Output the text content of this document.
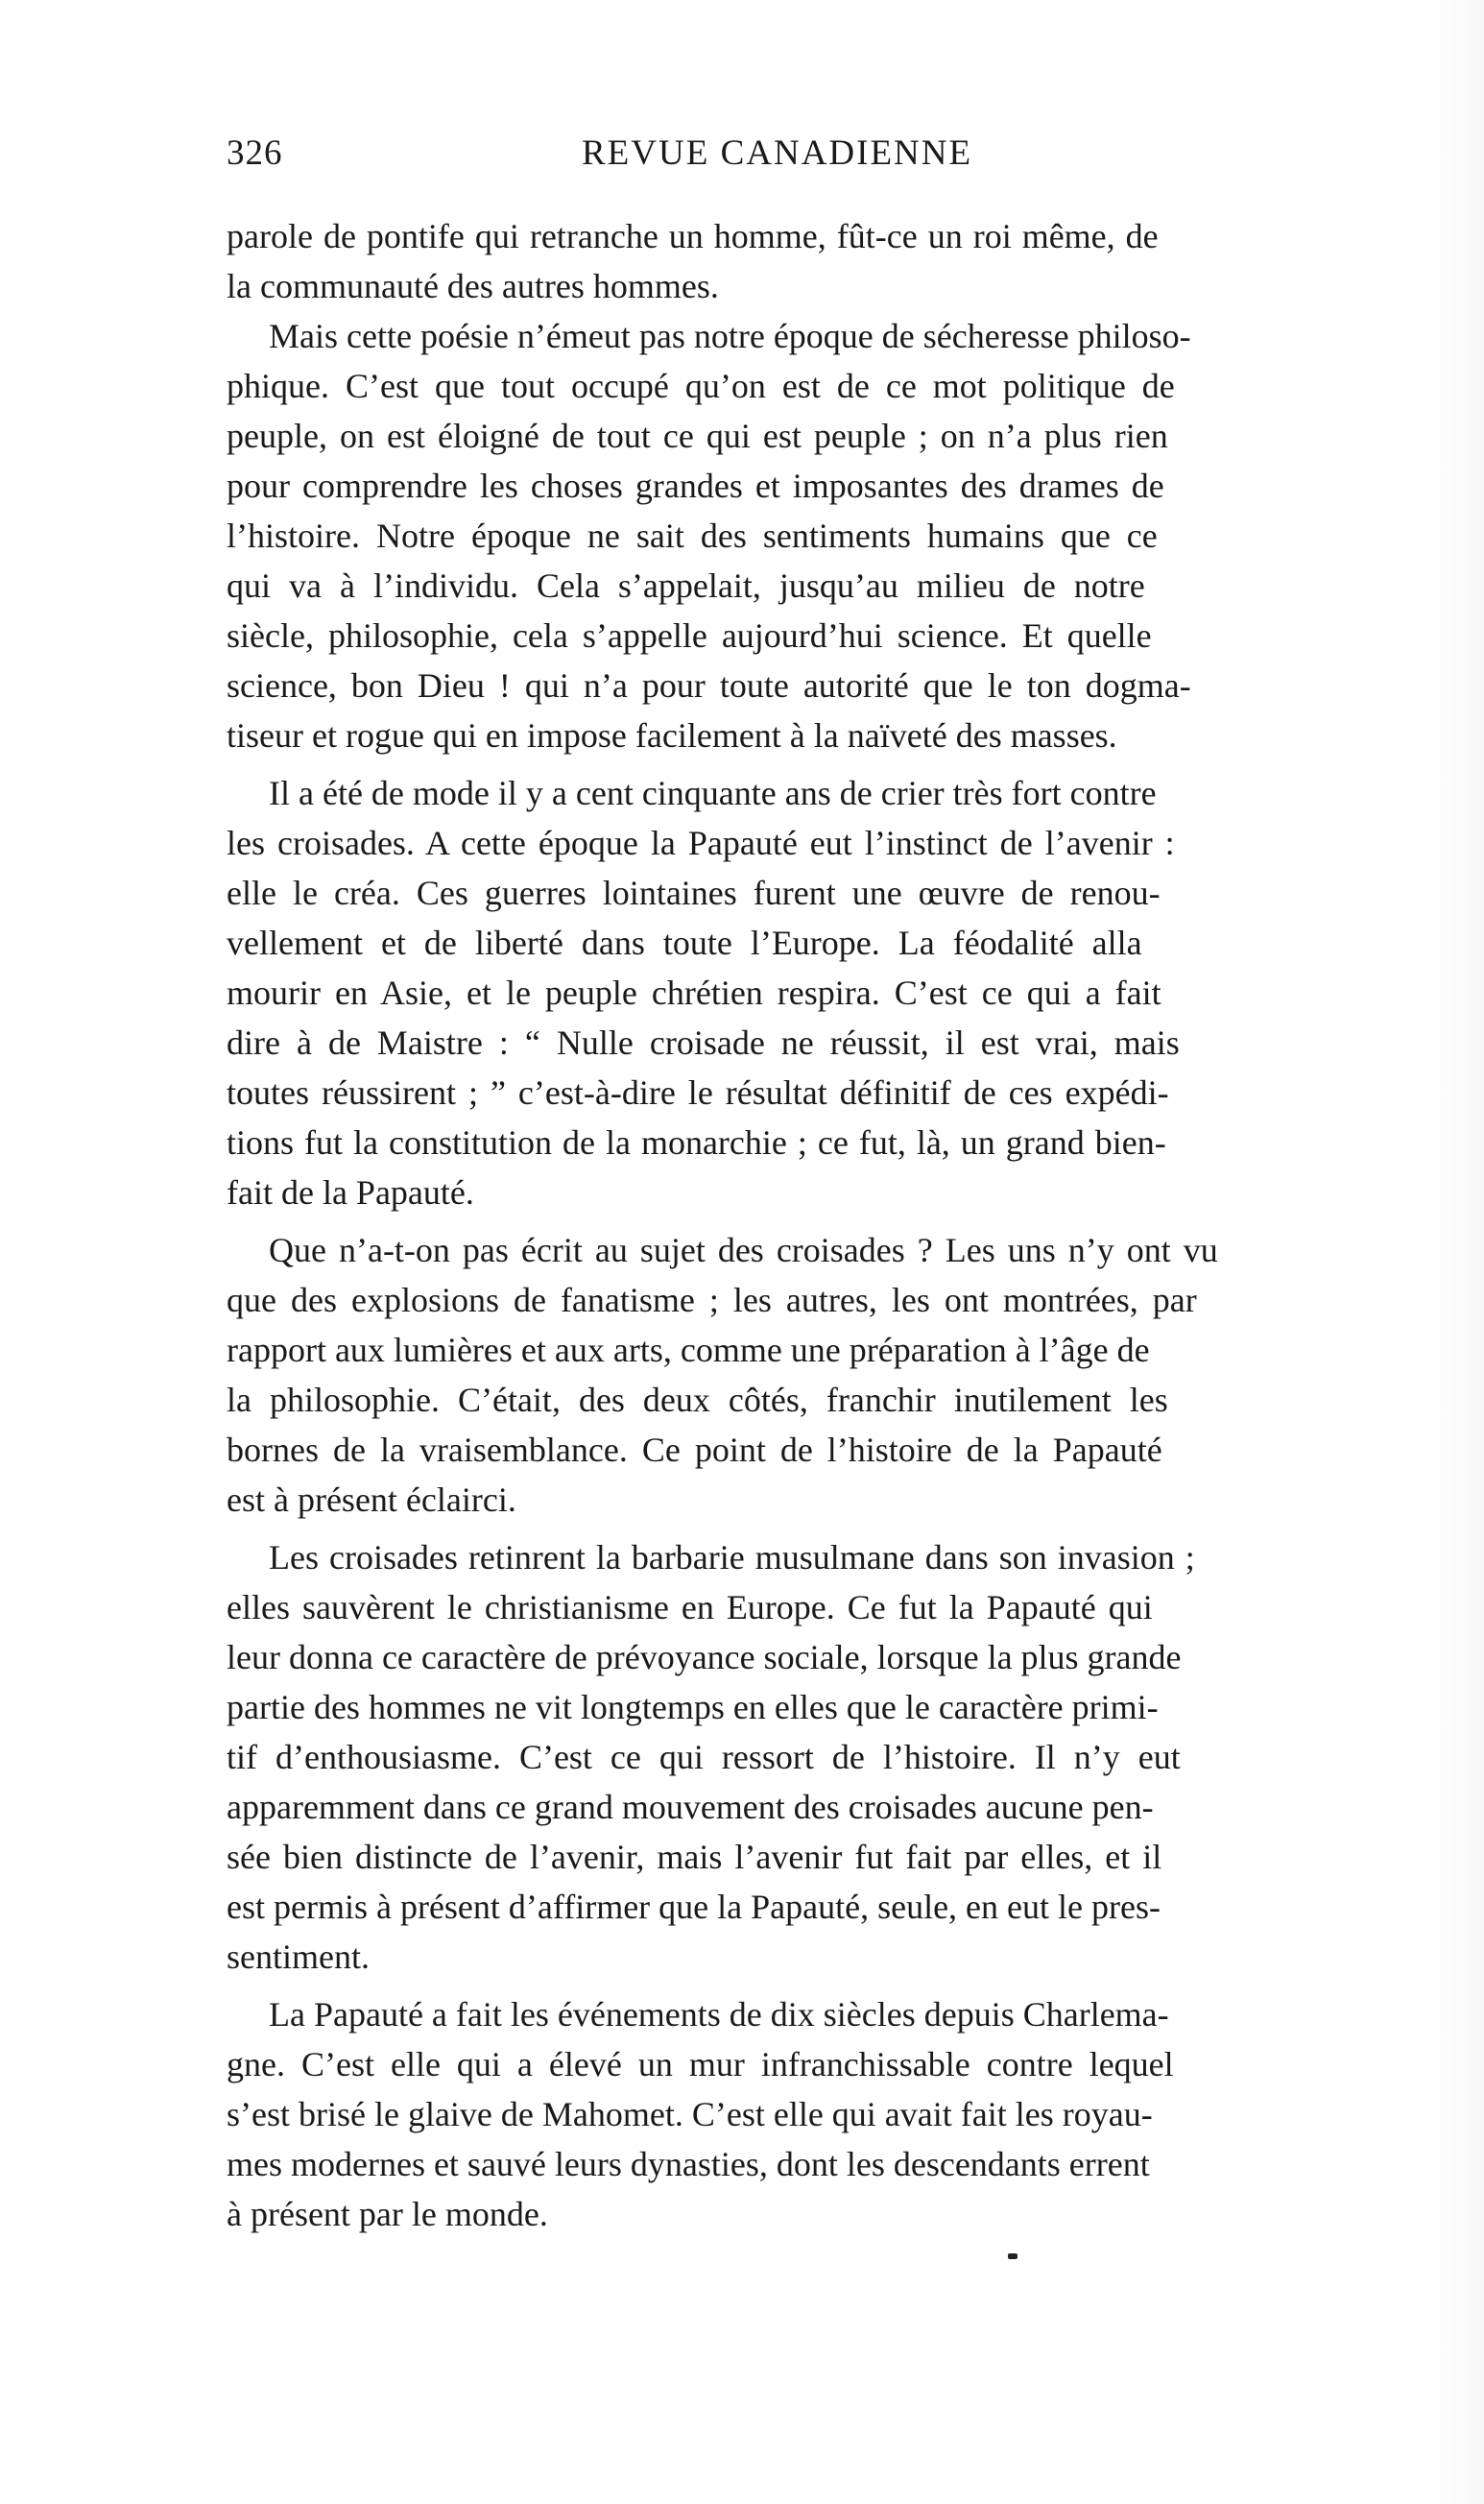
326	REVUE CANADIENNE
parole de pontife qui retranche un homme, fût-ce un roi même, de
la communauté des autres hommes.
Mais cette poésie n’émeut pas notre époque de sécheresse philoso-
phique. C’est que tout occupé qu’on est de ce mot politique de
peuple, on est éloigné de tout ce qui est peuple ; on n’a plus rien
pour comprendre les choses grandes et imposantes des drames de
l’histoire. Notre époque ne sait des sentiments humains que ce
qui va à l’individu. Cela s’appelait, jusqu’au milieu de notre
siècle, philosophie, cela s’appelle aujourd’hui science. Et quelle
science, bon Dieu ! qui n’a pour toute autorité que le ton dogma-
tiseur et rogue qui en impose facilement à la naïveté des masses.
Il a été de mode il y a cent cinquante ans de crier très fort contre
les croisades. A cette époque la Papauté eut l’instinct de l’avenir :
elle le créa. Ces guerres lointaines furent une œuvre de renou-
vellement et de liberté dans toute l’Europe. La féodalité alla
mourir en Asie, et le peuple chrétien respira. C’est ce qui a fait
dire à de Maistre : “ Nulle croisade ne réussit, il est vrai, mais
toutes réussirent ; ” c’est-à-dire le résultat définitif de ces expédi-
tions fut la constitution de la monarchie ; ce fut, là, un grand bien-
fait de la Papauté.
Que n’a-t-on pas écrit au sujet des croisades ? Les uns n’y ont vu
que des explosions de fanatisme ; les autres, les ont montrées, par
rapport aux lumières et aux arts, comme une préparation à l’âge de
la philosophie. C’était, des deux côtés, franchir inutilement les
bornes de la vraisemblance. Ce point de l’histoire de la Papauté
est à présent éclairci.
Les croisades retinrent la barbarie musulmane dans son invasion ;
elles sauvèrent le christianisme en Europe. Ce fut la Papauté qui
leur donna ce caractère de prévoyance sociale, lorsque la plus grande
partie des hommes ne vit longtemps en elles que le caractère primi-
tif d’enthousiasme. C’est ce qui ressort de l’histoire. Il n’y eut
apparemment dans ce grand mouvement des croisades aucune pen-
sée bien distincte de l’avenir, mais l’avenir fut fait par elles, et il
est permis à présent d’affirmer que la Papauté, seule, en eut le pres-
sentiment.
La Papauté a fait les événements de dix siècles depuis Charlema-
gne. C’est elle qui a élevé un mur infranchissable contre lequel
s’est brisé le glaive de Mahomet. C’est elle qui avait fait les royau-
mes modernes et sauvé leurs dynasties, dont les descendants errent
à présent par le monde.
